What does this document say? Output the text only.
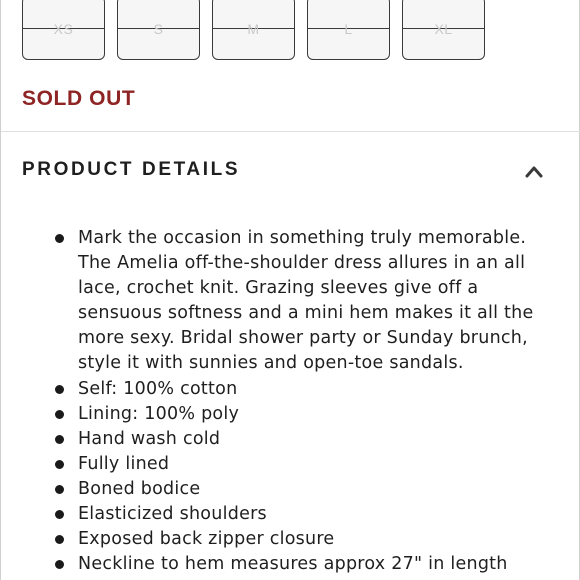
XS	S	M	L	XL
SOLD OUT
PRODUCT DETAILS
Mark the occasion in something truly memorable. The Amelia off-the-shoulder dress allures in an all lace, crochet knit. Grazing sleeves give off a sensuous softness and a mini hem makes it all the more sexy. Bridal shower party or Sunday brunch, style it with sunnies and open-toe sandals.
Self: 100% cotton
Lining: 100% poly
Hand wash cold
Fully lined
Boned bodice
Elasticized shoulders
Exposed back zipper closure
Neckline to hem measures approx 27" in length
